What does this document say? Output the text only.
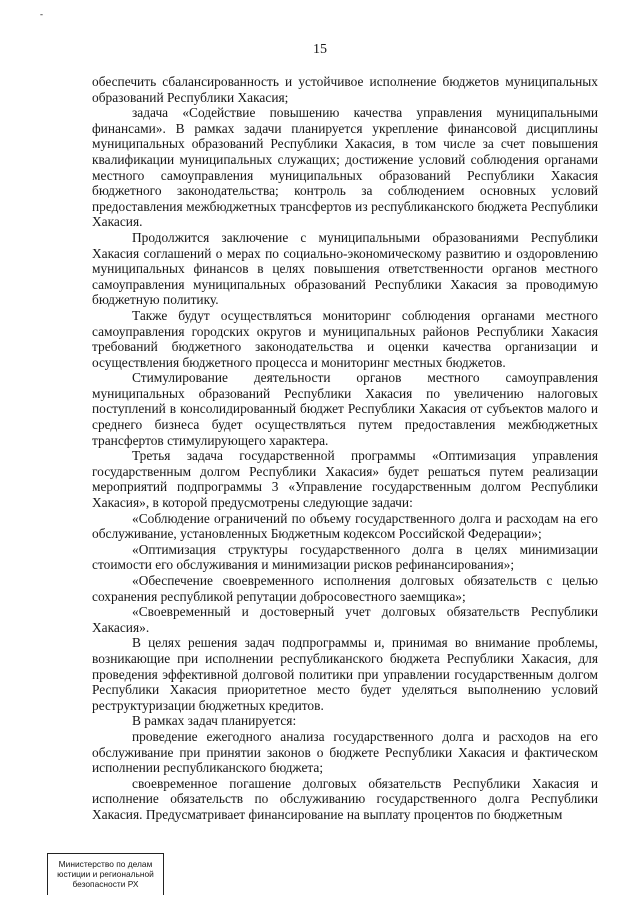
-
15

обеспечить сбалансированность и устойчивое исполнение бюджетов муниципальных образований Республики Хакасия;

задача «Содействие повышению качества управления муниципальными финансами». В рамках задачи планируется укрепление финансовой дисциплины муниципальных образований Республики Хакасия, в том числе за счет повышения квалификации муниципальных служащих; достижение условий соблюдения органами местного самоуправления муниципальных образований Республики Хакасия бюджетного законодательства; контроль за соблюдением основных условий предоставления межбюджетных трансфертов из республиканского бюджета Республики Хакасия.

Продолжится заключение с муниципальными образованиями Республики Хакасия соглашений о мерах по социально-экономическому развитию и оздоровлению муниципальных финансов в целях повышения ответственности органов местного самоуправления муниципальных образований Республики Хакасия за проводимую бюджетную политику.

Также будут осуществляться мониторинг соблюдения органами местного самоуправления городских округов и муниципальных районов Республики Хакасия требований бюджетного законодательства и оценки качества организации и осуществления бюджетного процесса и мониторинг местных бюджетов.

Стимулирование деятельности органов местного самоуправления муниципальных образований Республики Хакасия по увеличению налоговых поступлений в консолидированный бюджет Республики Хакасия от субъектов малого и среднего бизнеса будет осуществляться путем предоставления межбюджетных трансфертов стимулирующего характера.

Третья задача государственной программы «Оптимизация управления государственным долгом Республики Хакасия» будет решаться путем реализации мероприятий подпрограммы 3 «Управление государственным долгом Республики Хакасия», в которой предусмотрены следующие задачи:

«Соблюдение ограничений по объему государственного долга и расходам на его обслуживание, установленных Бюджетным кодексом Российской Федерации»;

«Оптимизация структуры государственного долга в целях минимизации стоимости его обслуживания и минимизации рисков рефинансирования»;

«Обеспечение своевременного исполнения долговых обязательств с целью сохранения республикой репутации добросовестного заемщика»;

«Своевременный и достоверный учет долговых обязательств Республики Хакасия».

В целях решения задач подпрограммы и, принимая во внимание проблемы, возникающие при исполнении республиканского бюджета Республики Хакасия, для проведения эффективной долговой политики при управлении государственным долгом Республики Хакасия приоритетное место будет уделяться выполнению условий реструктуризации бюджетных кредитов.

В рамках задач планируется:

проведение ежегодного анализа государственного долга и расходов на его обслуживание при принятии законов о бюджете Республики Хакасия и фактическом исполнении республиканского бюджета;

своевременное погашение долговых обязательств Республики Хакасия и исполнение обязательств по обслуживанию государственного долга Республики Хакасия. Предусматривает финансирование на выплату процентов по бюджетным

Министерство по делам
юстиции и региональной
безопасности РХ
